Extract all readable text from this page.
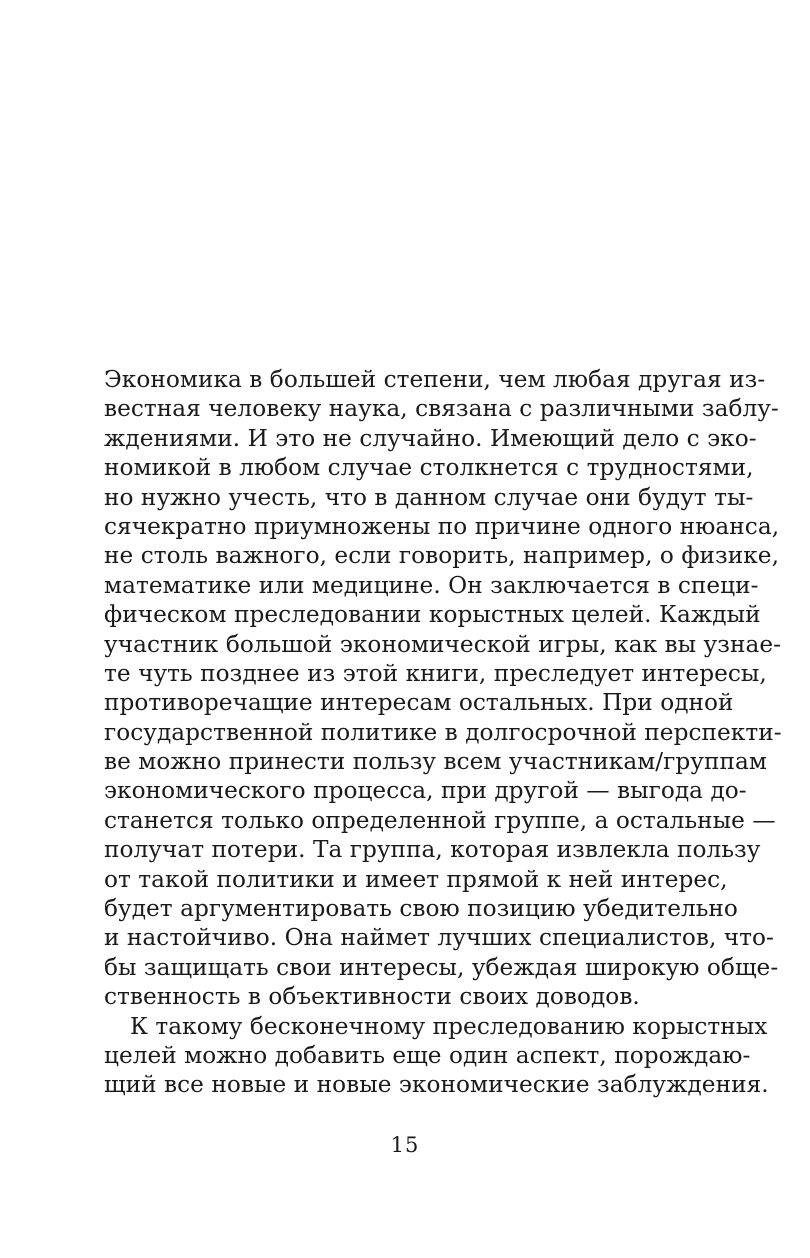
Экономика в большей степени, чем любая другая из-
вестная человеку наука, связана с различными заблу-
ждениями. И это не случайно. Имеющий дело с эко-
номикой в любом случае столкнется с трудностями,
но нужно учесть, что в данном случае они будут ты-
сячекратно приумножены по причине одного нюанса,
не столь важного, если говорить, например, о физике,
математике или медицине. Он заключается в специ-
фическом преследовании корыстных целей. Каждый
участник большой экономической игры, как вы узнае-
те чуть позднее из этой книги, преследует интересы,
противоречащие интересам остальных. При одной
государственной политике в долгосрочной перспекти-
ве можно принести пользу всем участникам/группам
экономического процесса, при другой — выгода до-
станется только определенной группе, а остальные —
получат потери. Та группа, которая извлекла пользу
от такой политики и имеет прямой к ней интерес,
будет аргументировать свою позицию убедительно
и настойчиво. Она наймет лучших специалистов, что-
бы защищать свои интересы, убеждая широкую обще-
ственность в объективности своих доводов.
К такому бесконечному преследованию корыстных
целей можно добавить еще один аспект, порождаю-
щий все новые и новые экономические заблуждения.
15
